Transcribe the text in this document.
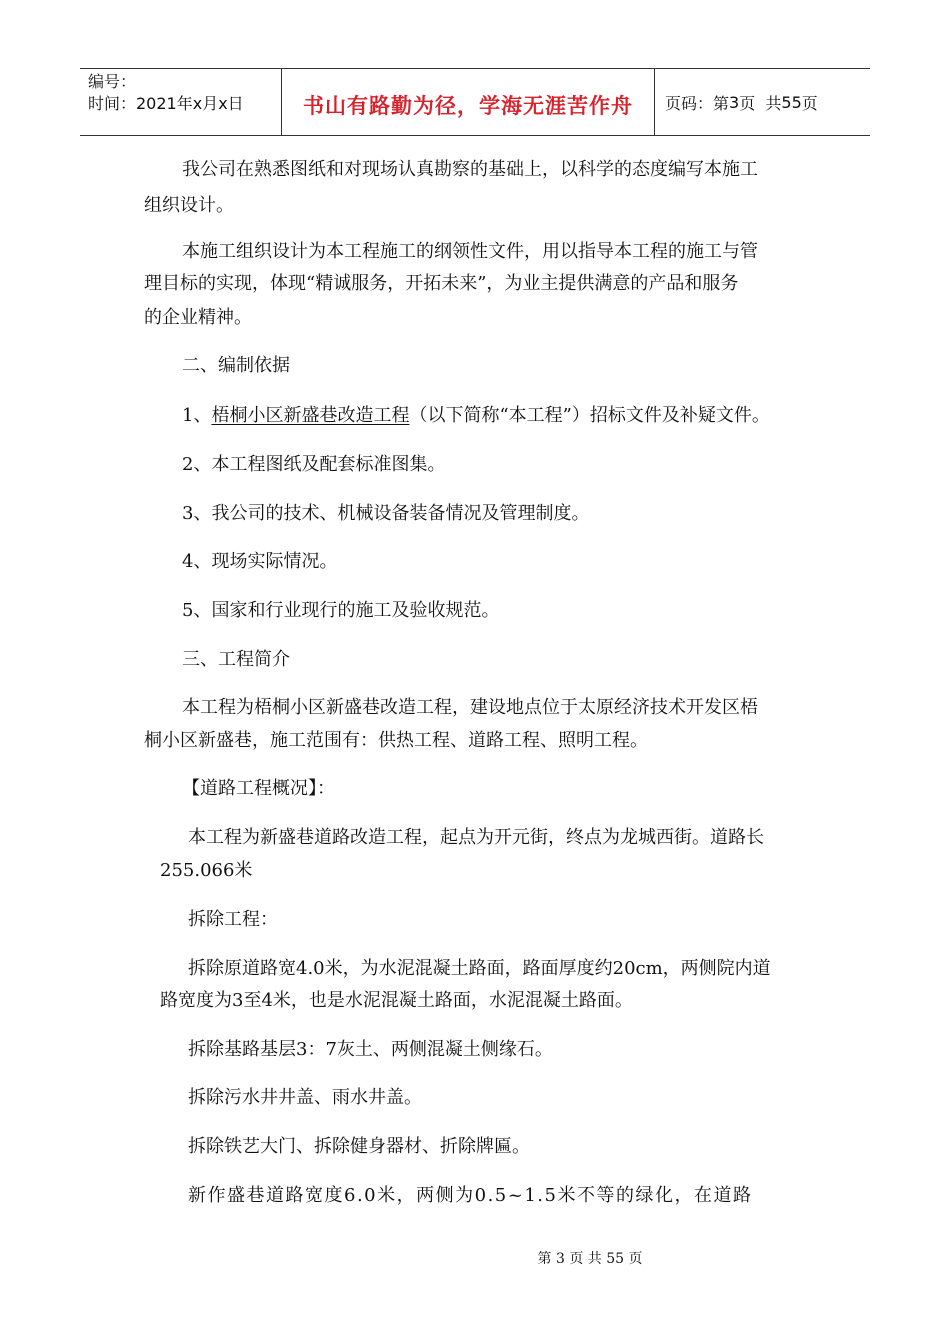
编号：
时间：2021年x月x日	书山有路勤为径，学海无涯苦作舟 页码：第 3 页  共 55 页
我公司在熟悉图纸和对现场认真勘察的基础上，以科学的态度编写本施工
组织设计。
本施工组织设计为本工程施工的纲领性文件，用以指导本工程的施工与管
理目标的实现，体现“精诚服务，开拓未来”，为业主提供满意的产品和服务
的企业精神。
二、编制依据
1、梧桐小区新盛巷改造工程（以下简称“本工程”）招标文件及补疑文件。
2、本工程图纸及配套标准图集。
3、我公司的技术、机械设备装备情况及管理制度。
4、现场实际情况。
5、国家和行业现行的施工及验收规范。
三、工程简介
本工程为梧桐小区新盛巷改造工程，建设地点位于太原经济技术开发区梧
桐小区新盛巷，施工范围有：供热工程、道路工程、照明工程。
【道路工程概况】：
本工程为新盛巷道路改造工程，起点为开元街，终点为龙城西街。道路长
255.066米
拆除工程：
拆除原道路宽4.0米，为水泥混凝土路面，路面厚度约20cm，两侧院内道
路宽度为3至4米，也是水泥混凝土路面，水泥混凝土路面。
拆除基路基层3：7灰土、两侧混凝土侧缘石。
拆除污水井井盖、雨水井盖。
拆除铁艺大门、拆除健身器材、折除牌匾。
新作盛巷道路宽度6.0米，两侧为0.5~1.5米不等的绿化，在道路
第 3 页 共 55 页
